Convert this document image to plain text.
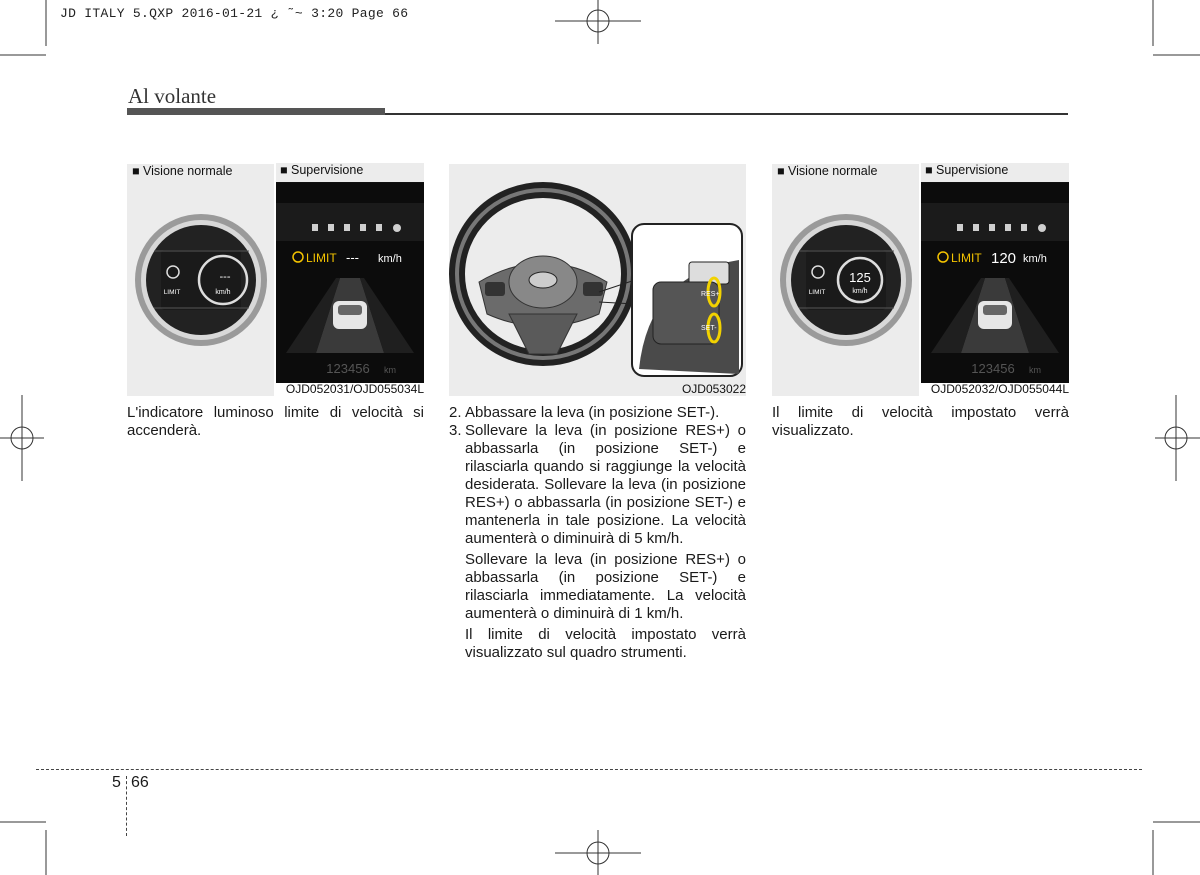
JD ITALY 5.QXP 2016-01-21 ¿ ˜~ 3:20 Page 66
Al volante
■ Visione normale
---
km/h
LIMIT
■ Supervisione
LIMIT --- km/h
123456 km
OJD052031/OJD055034L
RES+
SET-
OJD053022
■ Visione normale
125
km/h
LIMIT
■ Supervisione
LIMIT 120 km/h
123456 km
OJD052032/OJD055044L
L'indicatore luminoso limite di velocità si accenderà.
2. Abbassare la leva (in posizione SET-).
3. Sollevare la leva (in posizione RES+) o abbassarla (in posizione SET-) e rilasciarla quando si raggiunge la velocità desiderata. Sollevare la leva (in posizione RES+) o abbassarla (in posizione SET-) e mantenerla in tale posizione. La velocità aumenterà o diminuirà di 5 km/h.
Sollevare la leva (in posizione RES+) o abbassarla (in posizione SET-) e rilasciarla immediatamente. La velocità aumenterà o diminuirà di 1 km/h.
Il limite di velocità impostato verrà visualizzato sul quadro strumenti.
Il limite di velocità impostato verrà visualizzato.
5 66
